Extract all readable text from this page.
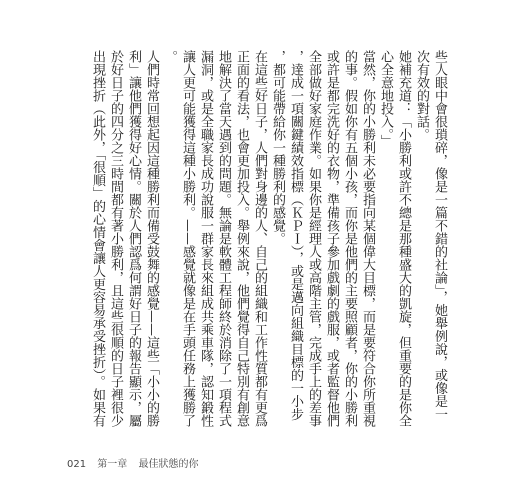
些人眼中會很瑣碎，像是一篇不錯的社論」，她舉例說，或像是一次有效的對話。

她補充道：「小勝利或許不總是那種盛大的凱旋，但重要的是你全心全意地投入。」

當然，你的小勝利未必要指向某個偉大目標，而是要符合你所重視的事。假如你有五個小孩，而你是他們的主要照顧者，你的小勝利或許是都完洗好的衣物，準備孩子參加戲劇的戲服，或者監督他們全部做好家庭作業。如果你是經理人或高階主管，完成手上的差事，達成一項關鍵績效指標（ＫＰＩ），或是邁向組織目標的一小步，都可能帶給你一種勝利的感覺。

在這些好日子，人們對身邊的人、自己的組織和工作性質都有更爲正面的看法，也會更加投入。舉例來說，他們覺得自己特別有創意地解決了當天遇到的問題。無論是軟體工程師終於消除了一項程式漏洞，或是全職家長成功說服一群家長來組成共乘車隊，認知鍛性讓人更可能獲得這種小勝利。——感覺就像是在手頭任務上獲勝了。

人們時常回想起因這種勝利而備受鼓舞的感覺——這些「小小的勝利」讓他們獲得好心情。關於人們認爲何謂好日子的報告顯示，屬於好日子的四分之三時間都有著小勝利，且這些很順的日子裡很少出現挫折（此外，「很順」的心情會讓人更容易承受挫折）。如果有

021 第一章 最佳狀態的你
